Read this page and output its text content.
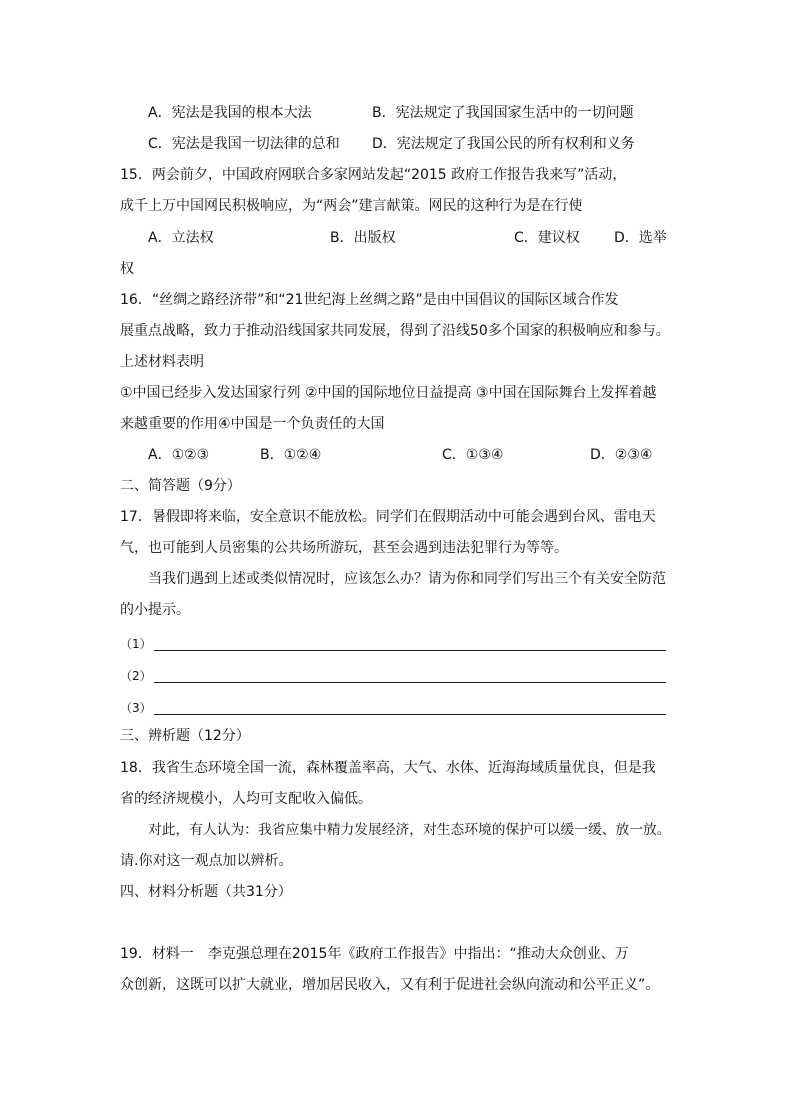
A．宪法是我国的根本大法	B．宪法规定了我国国家生活中的一切问题
C．宪法是我国一切法律的总和 D．宪法规定了我国公民的所有权利和义务
15．两会前夕，中国政府网联合多家网站发起“2015 政府工作报告我来写”活动，
成千上万中国网民积极响应，为“两会”建言献策。网民的这种行为是在行使
A．立法权	B．出版权	C．建议权 D．选举
权
16．“丝绸之路经济带”和“21世纪海上丝绸之路”是由中国倡议的国际区域合作发
展重点战略，致力于推动沿线国家共同发展，得到了沿线50多个国家的积极响应和参与。
上述材料表明
①中国已经步入发达国家行列 ②中国的国际地位日益提高 ③中国在国际舞台上发挥着越
来越重要的作用④中国是一个负责任的大国
A．①②③	B．①②④	C．①③④	D．②③④
二、简答题（9分）
17．暑假即将来临，安全意识不能放松。同学们在假期活动中可能会遇到台风、雷电天
气，也可能到人员密集的公共场所游玩，甚至会遇到违法犯罪行为等等。
当我们遇到上述或类似情况时，应该怎么办？请为你和同学们写出三个有关安全防范
的小提示。
（1）
（2）
（3）
三、辨析题（12分）
18．我省生态环境全国一流，森林覆盖率高，大气、水体、近海海域质量优良，但是我
省的经济规模小，人均可支配收入偏低。
对此，有人认为：我省应集中精力发展经济，对生态环境的保护可以缓一缓、放一放。
请.你对这一观点加以辨析。
四、材料分析题（共31分）
19．材料一　李克强总理在2015年《政府工作报告》中指出：“推动大众创业、万
众创新，这既可以扩大就业，增加居民收入，又有利于促进社会纵向流动和公平正义”。
